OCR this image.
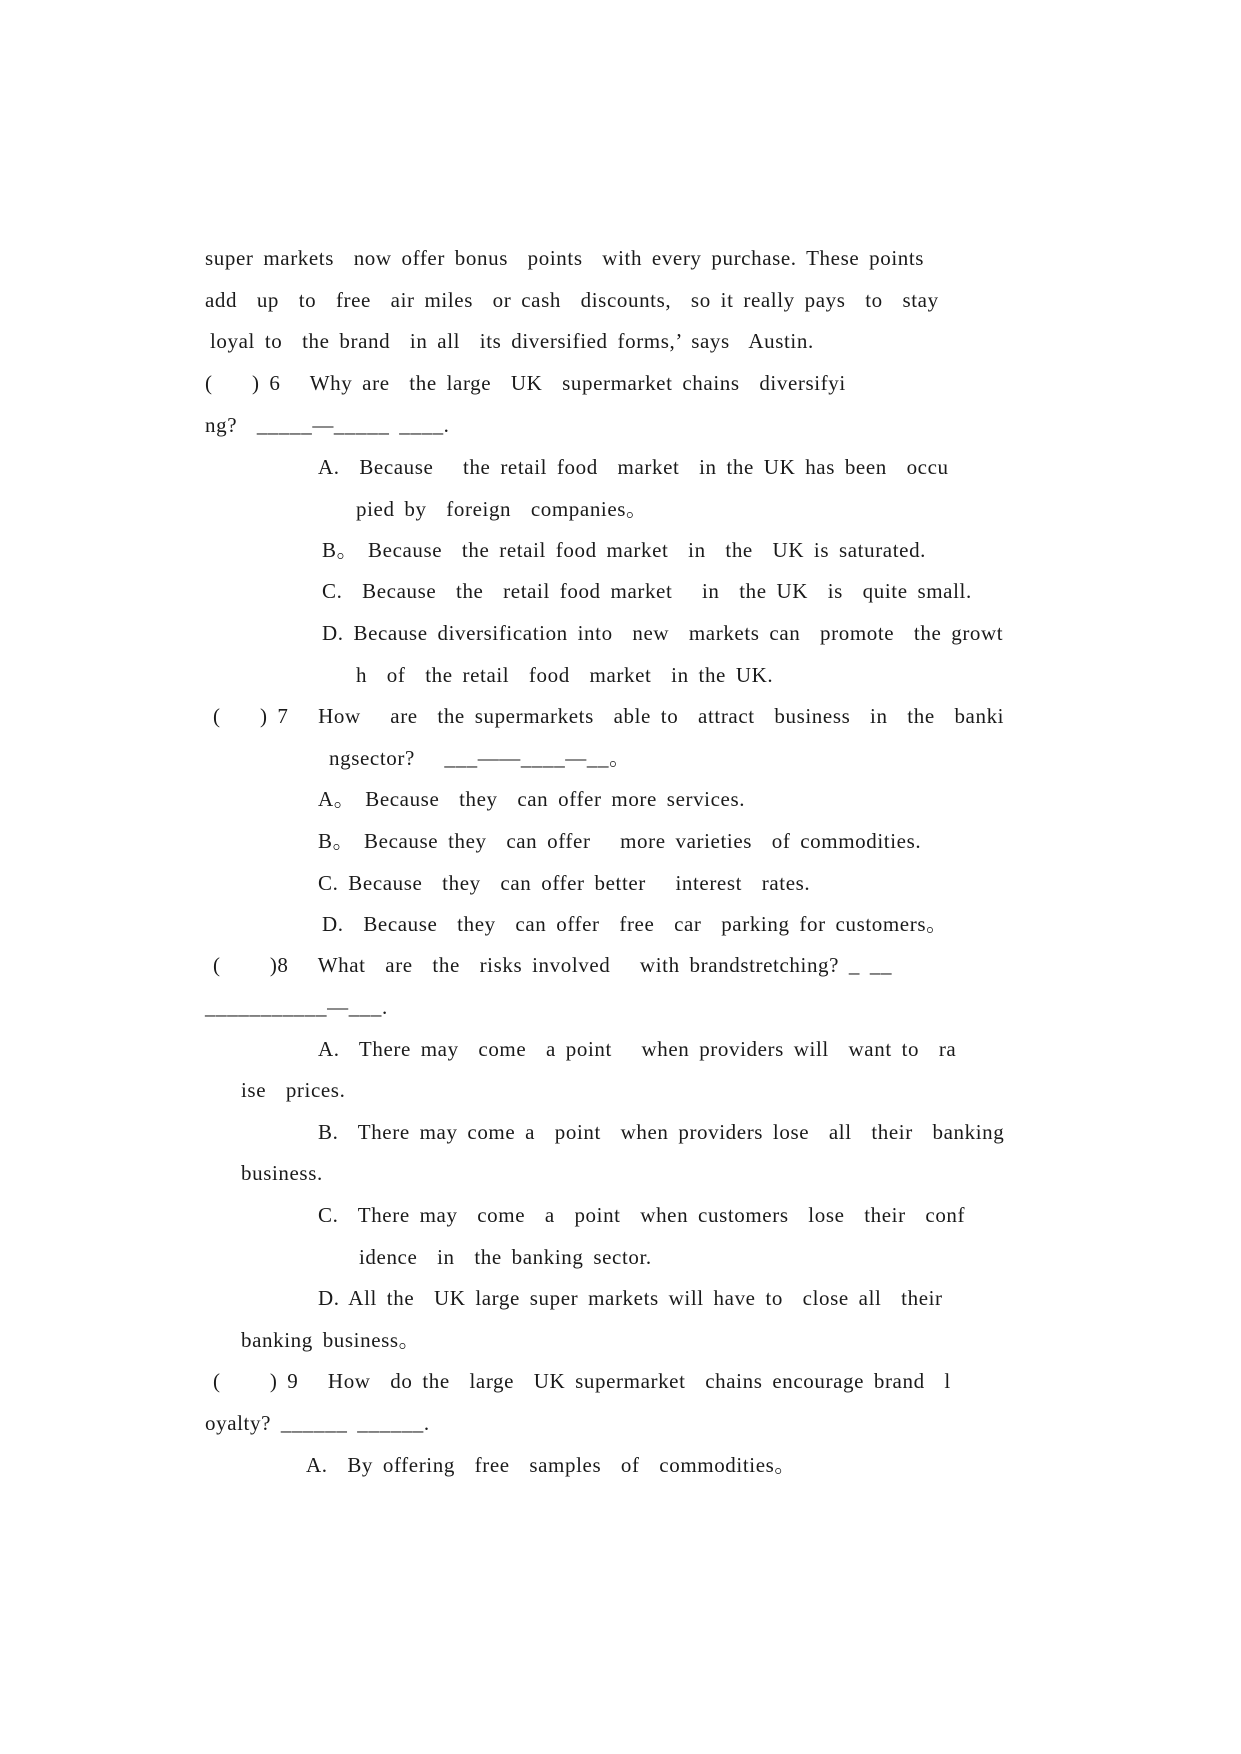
super markets  now offer bonus  points  with every purchase. These points
add  up  to  free  air miles  or cash  discounts,  so it really pays  to  stay
loyal to  the brand  in all  its diversified forms,’ says  Austin.
(    ) 6   Why are  the large  UK  supermarket chains  diversifyi
ng?  _____—_____ ____.
A.  Because   the retail food  market  in the UK has been  occu
pied by  foreign  companies。
B。 Because  the retail food market  in  the  UK is saturated.
C.  Because  the  retail food market   in  the UK  is  quite small.
D. Because diversification into  new  markets can  promote  the growt
h  of  the retail  food  market  in the UK.
(    ) 7   How   are  the supermarkets  able to  attract  business  in  the  banki
ngsector?   ___——____—__。
A。 Because  they  can offer more services.
B。 Because they  can offer   more varieties  of commodities.
C. Because  they  can offer better   interest  rates.
D.  Because  they  can offer  free  car  parking for customers。
(     )8   What  are  the  risks involved   with brandstretching? _ __
___________—___.
A.  There may  come  a point   when providers will  want to  ra
ise  prices.
B.  There may come a  point  when providers lose  all  their  banking
business.
C.  There may  come  a  point  when customers  lose  their  conf
idence  in  the banking sector.
D. All the  UK large super markets will have to  close all  their
banking business。
(     ) 9   How  do the  large  UK supermarket  chains encourage brand  l
oyalty? ______ ______.
A.  By offering  free  samples  of  commodities。
